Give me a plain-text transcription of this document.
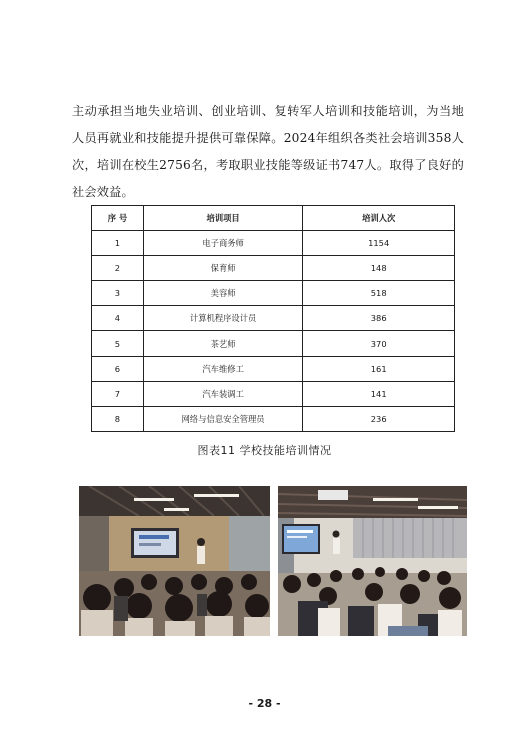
主动承担当地失业培训、创业培训、复转军人培训和技能培训，为当地人员再就业和技能提升提供可靠保障。2024年组织各类社会培训358人次，培训在校生2756名，考取职业技能等级证书747人。取得了良好的社会效益。

序 号	培训项目	培训人次
1	电子商务师	1154
2	保育师	148
3	美容师	518
4	计算机程序设计员	386
5	茶艺师	370
6	汽车维修工	161
7	汽车装调工	141
8	网络与信息安全管理员	236
图表11 学校技能培训情况
- 28 -
